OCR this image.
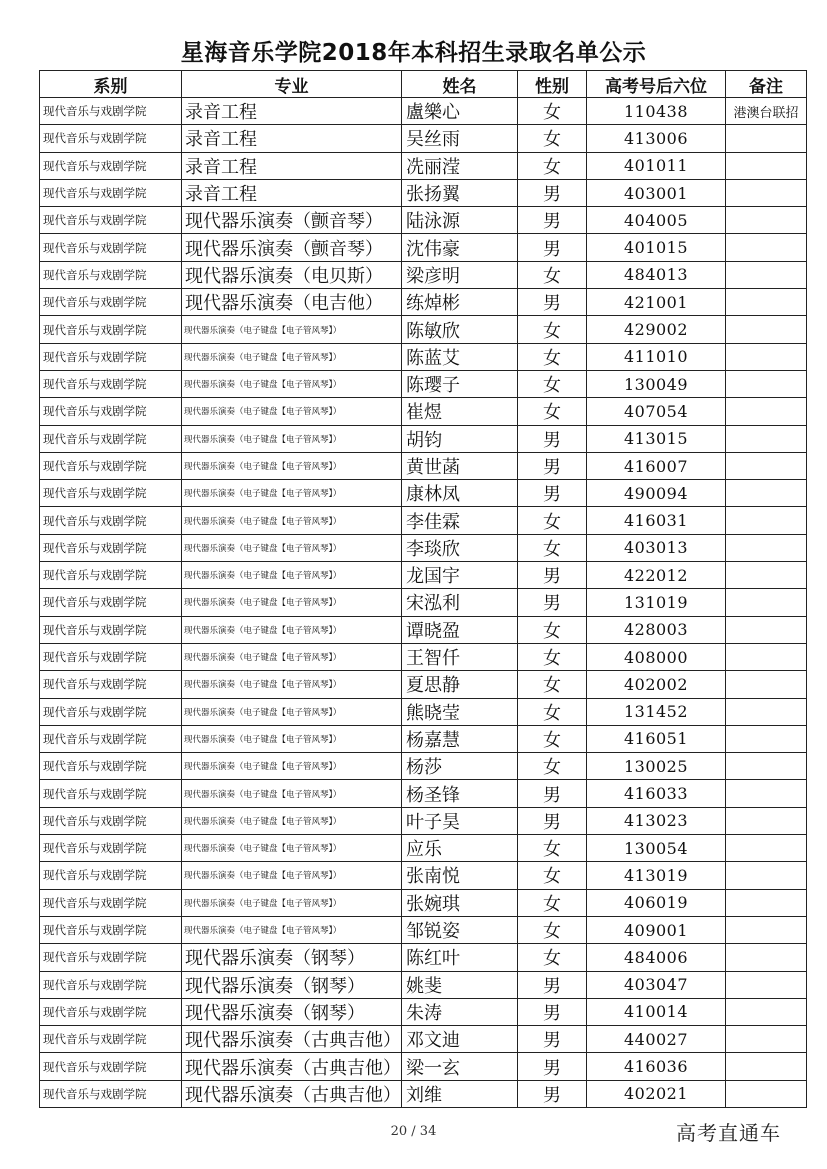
星海音乐学院2018年本科招生录取名单公示
系别	专业	姓名	性别	高考号后六位	备注
现代音乐与戏剧学院	录音工程	盧樂心	女	110438	港澳台联招
现代音乐与戏剧学院	录音工程	吴丝雨	女	413006	
现代音乐与戏剧学院	录音工程	冼丽滢	女	401011	
现代音乐与戏剧学院	录音工程	张扬翼	男	403001	
现代音乐与戏剧学院	现代器乐演奏（颤音琴）	陆泳源	男	404005	
现代音乐与戏剧学院	现代器乐演奏（颤音琴）	沈伟豪	男	401015	
现代音乐与戏剧学院	现代器乐演奏（电贝斯）	梁彦明	女	484013	
现代音乐与戏剧学院	现代器乐演奏（电吉他）	练焯彬	男	421001	
现代音乐与戏剧学院	现代器乐演奏（电子键盘【电子管风琴】）	陈敏欣	女	429002	
现代音乐与戏剧学院	现代器乐演奏（电子键盘【电子管风琴】）	陈蓝艾	女	411010	
现代音乐与戏剧学院	现代器乐演奏（电子键盘【电子管风琴】）	陈璎子	女	130049	
现代音乐与戏剧学院	现代器乐演奏（电子键盘【电子管风琴】）	崔煜	女	407054	
现代音乐与戏剧学院	现代器乐演奏（电子键盘【电子管风琴】）	胡钧	男	413015	
现代音乐与戏剧学院	现代器乐演奏（电子键盘【电子管风琴】）	黄世菡	男	416007	
现代音乐与戏剧学院	现代器乐演奏（电子键盘【电子管风琴】）	康林凤	男	490094	
现代音乐与戏剧学院	现代器乐演奏（电子键盘【电子管风琴】）	李佳霖	女	416031	
现代音乐与戏剧学院	现代器乐演奏（电子键盘【电子管风琴】）	李琰欣	女	403013	
现代音乐与戏剧学院	现代器乐演奏（电子键盘【电子管风琴】）	龙国宇	男	422012	
现代音乐与戏剧学院	现代器乐演奏（电子键盘【电子管风琴】）	宋泓利	男	131019	
现代音乐与戏剧学院	现代器乐演奏（电子键盘【电子管风琴】）	谭晓盈	女	428003	
现代音乐与戏剧学院	现代器乐演奏（电子键盘【电子管风琴】）	王智仟	女	408000	
现代音乐与戏剧学院	现代器乐演奏（电子键盘【电子管风琴】）	夏思静	女	402002	
现代音乐与戏剧学院	现代器乐演奏（电子键盘【电子管风琴】）	熊晓莹	女	131452	
现代音乐与戏剧学院	现代器乐演奏（电子键盘【电子管风琴】）	杨嘉慧	女	416051	
现代音乐与戏剧学院	现代器乐演奏（电子键盘【电子管风琴】）	杨莎	女	130025	
现代音乐与戏剧学院	现代器乐演奏（电子键盘【电子管风琴】）	杨圣锋	男	416033	
现代音乐与戏剧学院	现代器乐演奏（电子键盘【电子管风琴】）	叶子昊	男	413023	
现代音乐与戏剧学院	现代器乐演奏（电子键盘【电子管风琴】）	应乐	女	130054	
现代音乐与戏剧学院	现代器乐演奏（电子键盘【电子管风琴】）	张南悦	女	413019	
现代音乐与戏剧学院	现代器乐演奏（电子键盘【电子管风琴】）	张婉琪	女	406019	
现代音乐与戏剧学院	现代器乐演奏（电子键盘【电子管风琴】）	邹锐姿	女	409001	
现代音乐与戏剧学院	现代器乐演奏（钢琴）	陈红叶	女	484006	
现代音乐与戏剧学院	现代器乐演奏（钢琴）	姚斐	男	403047	
现代音乐与戏剧学院	现代器乐演奏（钢琴）	朱涛	男	410014	
现代音乐与戏剧学院	现代器乐演奏（古典吉他）	邓文迪	男	440027	
现代音乐与戏剧学院	现代器乐演奏（古典吉他）	梁一玄	男	416036	
现代音乐与戏剧学院	现代器乐演奏（古典吉他）	刘维	男	402021	
20 / 34	高考直通车
